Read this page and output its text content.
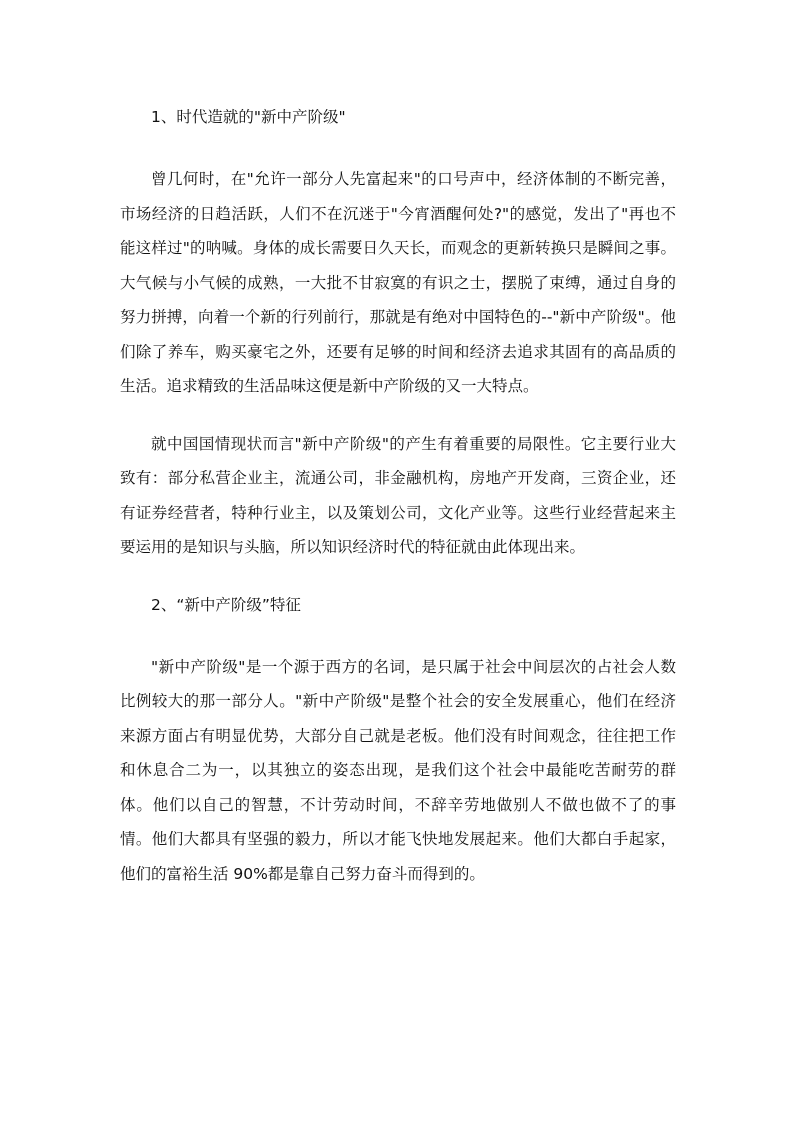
1、时代造就的"新中产阶级"

曾几何时，在"允许一部分人先富起来"的口号声中，经济体制的不断完善，市场经济的日趋活跃，人们不在沉迷于"今宵酒醒何处?"的感觉，发出了"再也不能这样过"的呐喊。身体的成长需要日久天长，而观念的更新转换只是瞬间之事。大气候与小气候的成熟，一大批不甘寂寞的有识之士，摆脱了束缚，通过自身的努力拼搏，向着一个新的行列前行，那就是有绝对中国特色的--"新中产阶级"。他们除了养车，购买豪宅之外，还要有足够的时间和经济去追求其固有的高品质的生活。追求精致的生活品味这便是新中产阶级的又一大特点。

就中国国情现状而言"新中产阶级"的产生有着重要的局限性。它主要行业大致有：部分私营企业主，流通公司，非金融机构，房地产开发商，三资企业，还有证券经营者，特种行业主，以及策划公司，文化产业等。这些行业经营起来主要运用的是知识与头脑，所以知识经济时代的特征就由此体现出来。

2、“新中产阶级”特征

"新中产阶级"是一个源于西方的名词，是只属于社会中间层次的占社会人数比例较大的那一部分人。"新中产阶级"是整个社会的安全发展重心，他们在经济来源方面占有明显优势，大部分自己就是老板。他们没有时间观念，往往把工作和休息合二为一，以其独立的姿态出现，是我们这个社会中最能吃苦耐劳的群体。他们以自己的智慧，不计劳动时间，不辞辛劳地做别人不做也做不了的事情。他们大都具有坚强的毅力，所以才能飞快地发展起来。他们大都白手起家，他们的富裕生活 90%都是靠自己努力奋斗而得到的。
